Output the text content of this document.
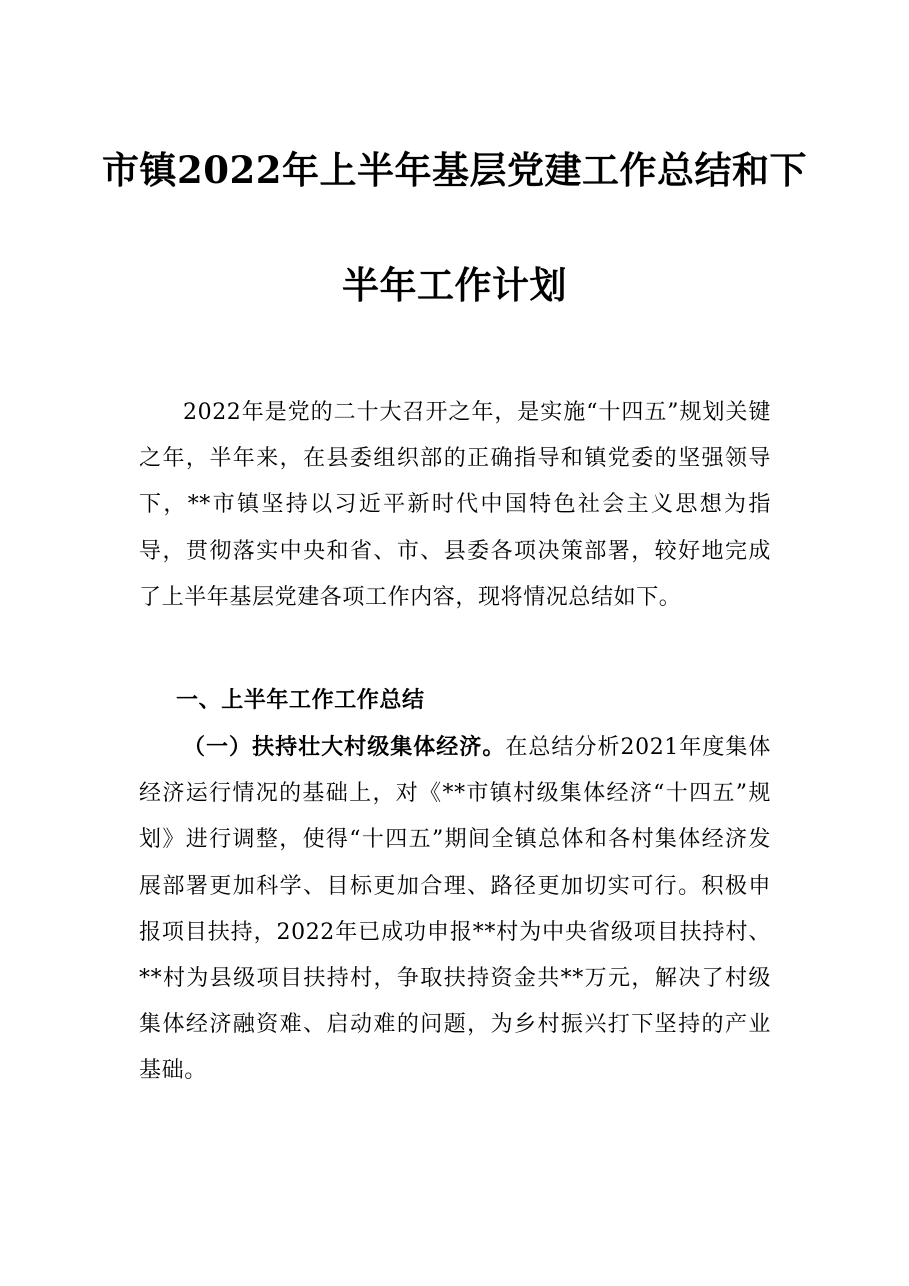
市镇2022年上半年基层党建工作总结和下
半年工作计划

2022年是党的二十大召开之年，是实施“十四五”规划关键之年，半年来，在县委组织部的正确指导和镇党委的坚强领导下，**市镇坚持以习近平新时代中国特色社会主义思想为指导，贯彻落实中央和省、市、县委各项决策部署，较好地完成了上半年基层党建各项工作内容，现将情况总结如下。

一、上半年工作工作总结

（一）扶持壮大村级集体经济。在总结分析2021年度集体经济运行情况的基础上，对《**市镇村级集体经济“十四五”规划》进行调整，使得“十四五”期间全镇总体和各村集体经济发展部署更加科学、目标更加合理、路径更加切实可行。积极申报项目扶持，2022年已成功申报**村为中央省级项目扶持村、**村为县级项目扶持村，争取扶持资金共**万元，解决了村级集体经济融资难、启动难的问题，为乡村振兴打下坚持的产业基础。
